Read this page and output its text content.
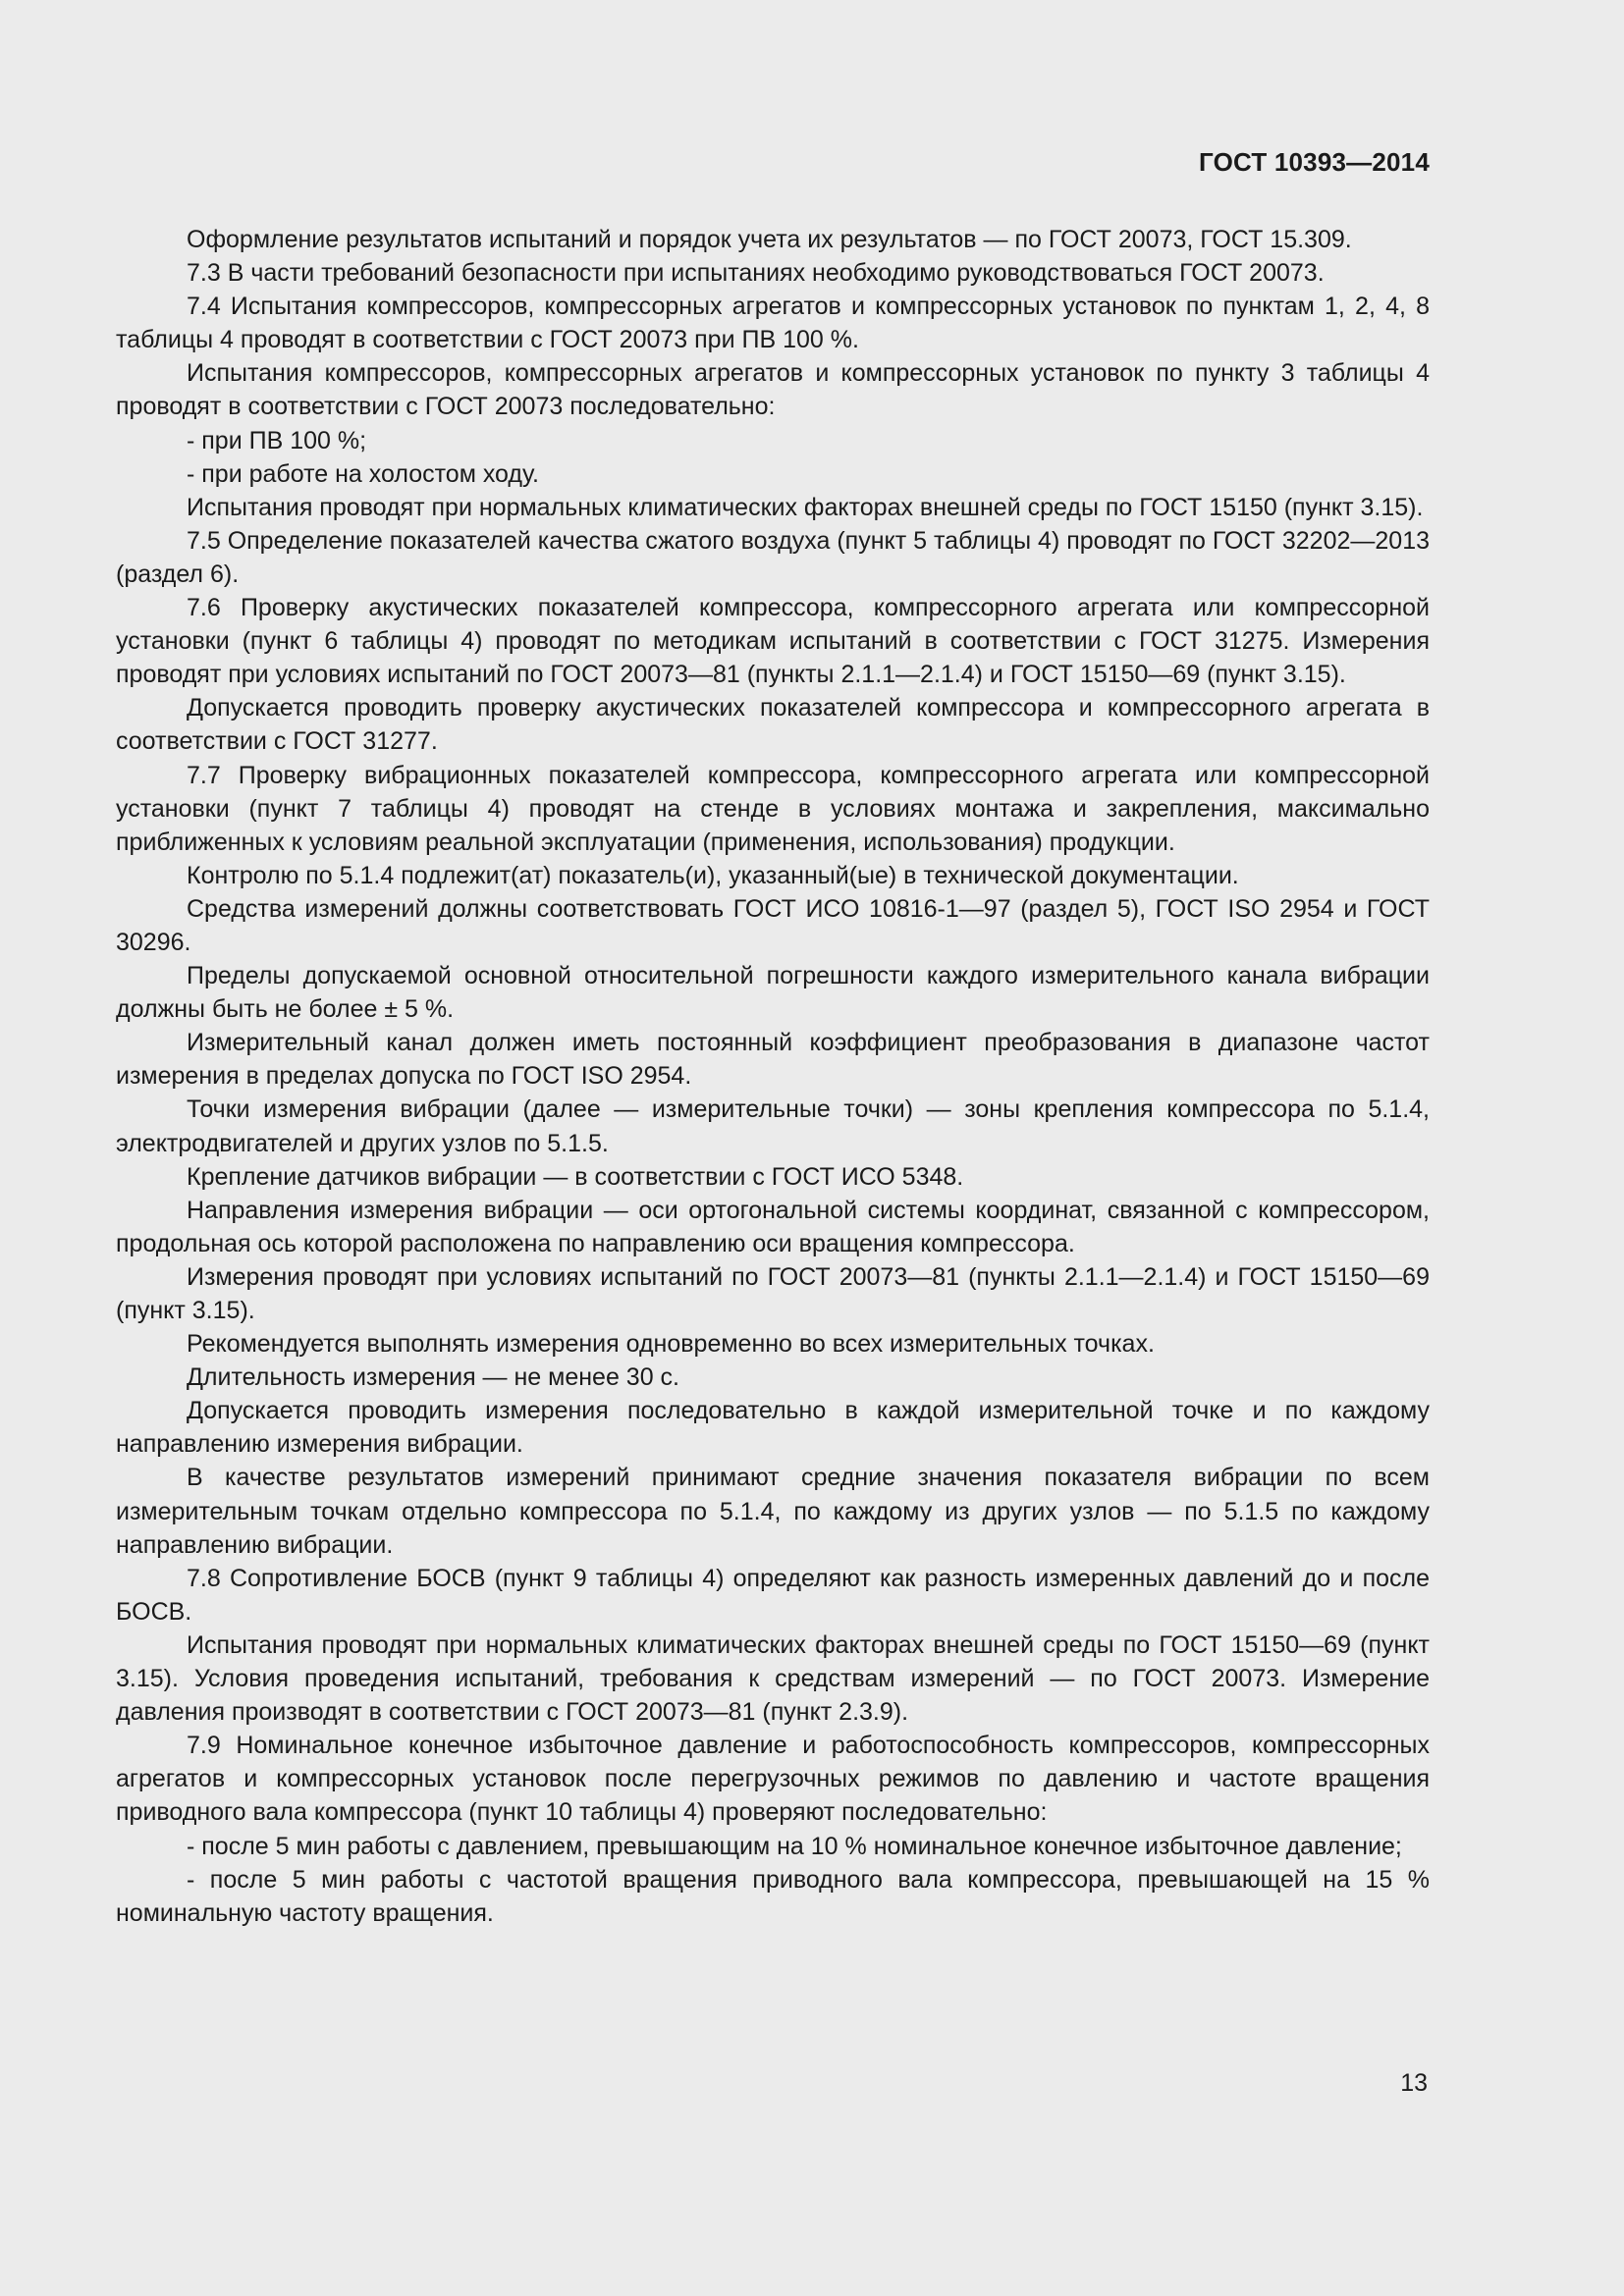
ГОСТ 10393—2014

Оформление результатов испытаний и порядок учета их результатов — по ГОСТ 20073, ГОСТ 15.309.

7.3 В части требований безопасности при испытаниях необходимо руководствоваться ГОСТ 20073.

7.4 Испытания компрессоров, компрессорных агрегатов и компрессорных установок по пунктам 1, 2, 4, 8 таблицы 4 проводят в соответствии с ГОСТ 20073 при ПВ 100 %.

Испытания компрессоров, компрессорных агрегатов и компрессорных установок по пункту 3 таблицы 4 проводят в соответствии с ГОСТ 20073 последовательно:

- при ПВ 100 %;

- при работе на холостом ходу.

Испытания проводят при нормальных климатических факторах внешней среды по ГОСТ 15150 (пункт 3.15).

7.5 Определение показателей качества сжатого воздуха (пункт 5 таблицы 4) проводят по ГОСТ 32202—2013 (раздел 6).

7.6 Проверку акустических показателей компрессора, компрессорного агрегата или компрессорной установки (пункт 6 таблицы 4) проводят по методикам испытаний в соответствии с ГОСТ 31275. Измерения проводят при условиях испытаний по ГОСТ 20073—81 (пункты 2.1.1—2.1.4) и ГОСТ 15150—69 (пункт 3.15).

Допускается проводить проверку акустических показателей компрессора и компрессорного агрегата в соответствии с ГОСТ 31277.

7.7 Проверку вибрационных показателей компрессора, компрессорного агрегата или компрессорной установки (пункт 7 таблицы 4) проводят на стенде в условиях монтажа и закрепления, максимально приближенных к условиям реальной эксплуатации (применения, использования) продукции.

Контролю по 5.1.4 подлежит(ат) показатель(и), указанный(ые) в технической документации.

Средства измерений должны соответствовать ГОСТ ИСО 10816-1—97 (раздел 5), ГОСТ ISO 2954 и ГОСТ 30296.

Пределы допускаемой основной относительной погрешности каждого измерительного канала вибрации должны быть не более ± 5 %.

Измерительный канал должен иметь постоянный коэффициент преобразования в диапазоне частот измерения в пределах допуска по ГОСТ ISO 2954.

Точки измерения вибрации (далее — измерительные точки) — зоны крепления компрессора по 5.1.4, электродвигателей и других узлов по 5.1.5.

Крепление датчиков вибрации — в соответствии с ГОСТ ИСО 5348.

Направления измерения вибрации — оси ортогональной системы координат, связанной с компрессором, продольная ось которой расположена по направлению оси вращения компрессора.

Измерения проводят при условиях испытаний по ГОСТ 20073—81 (пункты 2.1.1—2.1.4) и ГОСТ 15150—69 (пункт 3.15).

Рекомендуется выполнять измерения одновременно во всех измерительных точках.

Длительность измерения — не менее 30 с.

Допускается проводить измерения последовательно в каждой измерительной точке и по каждому направлению измерения вибрации.

В качестве результатов измерений принимают средние значения показателя вибрации по всем измерительным точкам отдельно компрессора по 5.1.4, по каждому из других узлов — по 5.1.5 по каждому направлению вибрации.

7.8 Сопротивление БОСВ (пункт 9 таблицы 4) определяют как разность измеренных давлений до и после БОСВ.

Испытания проводят при нормальных климатических факторах внешней среды по ГОСТ 15150—69 (пункт 3.15). Условия проведения испытаний, требования к средствам измерений — по ГОСТ 20073. Измерение давления производят в соответствии с ГОСТ 20073—81 (пункт 2.3.9).

7.9 Номинальное конечное избыточное давление и работоспособность компрессоров, компрессорных агрегатов и компрессорных установок после перегрузочных режимов по давлению и частоте вращения приводного вала компрессора (пункт 10 таблицы 4) проверяют последовательно:

- после 5 мин работы с давлением, превышающим на 10 % номинальное конечное избыточное давление;

- после 5 мин работы с частотой вращения приводного вала компрессора, превышающей на 15 % номинальную частоту вращения.

13
